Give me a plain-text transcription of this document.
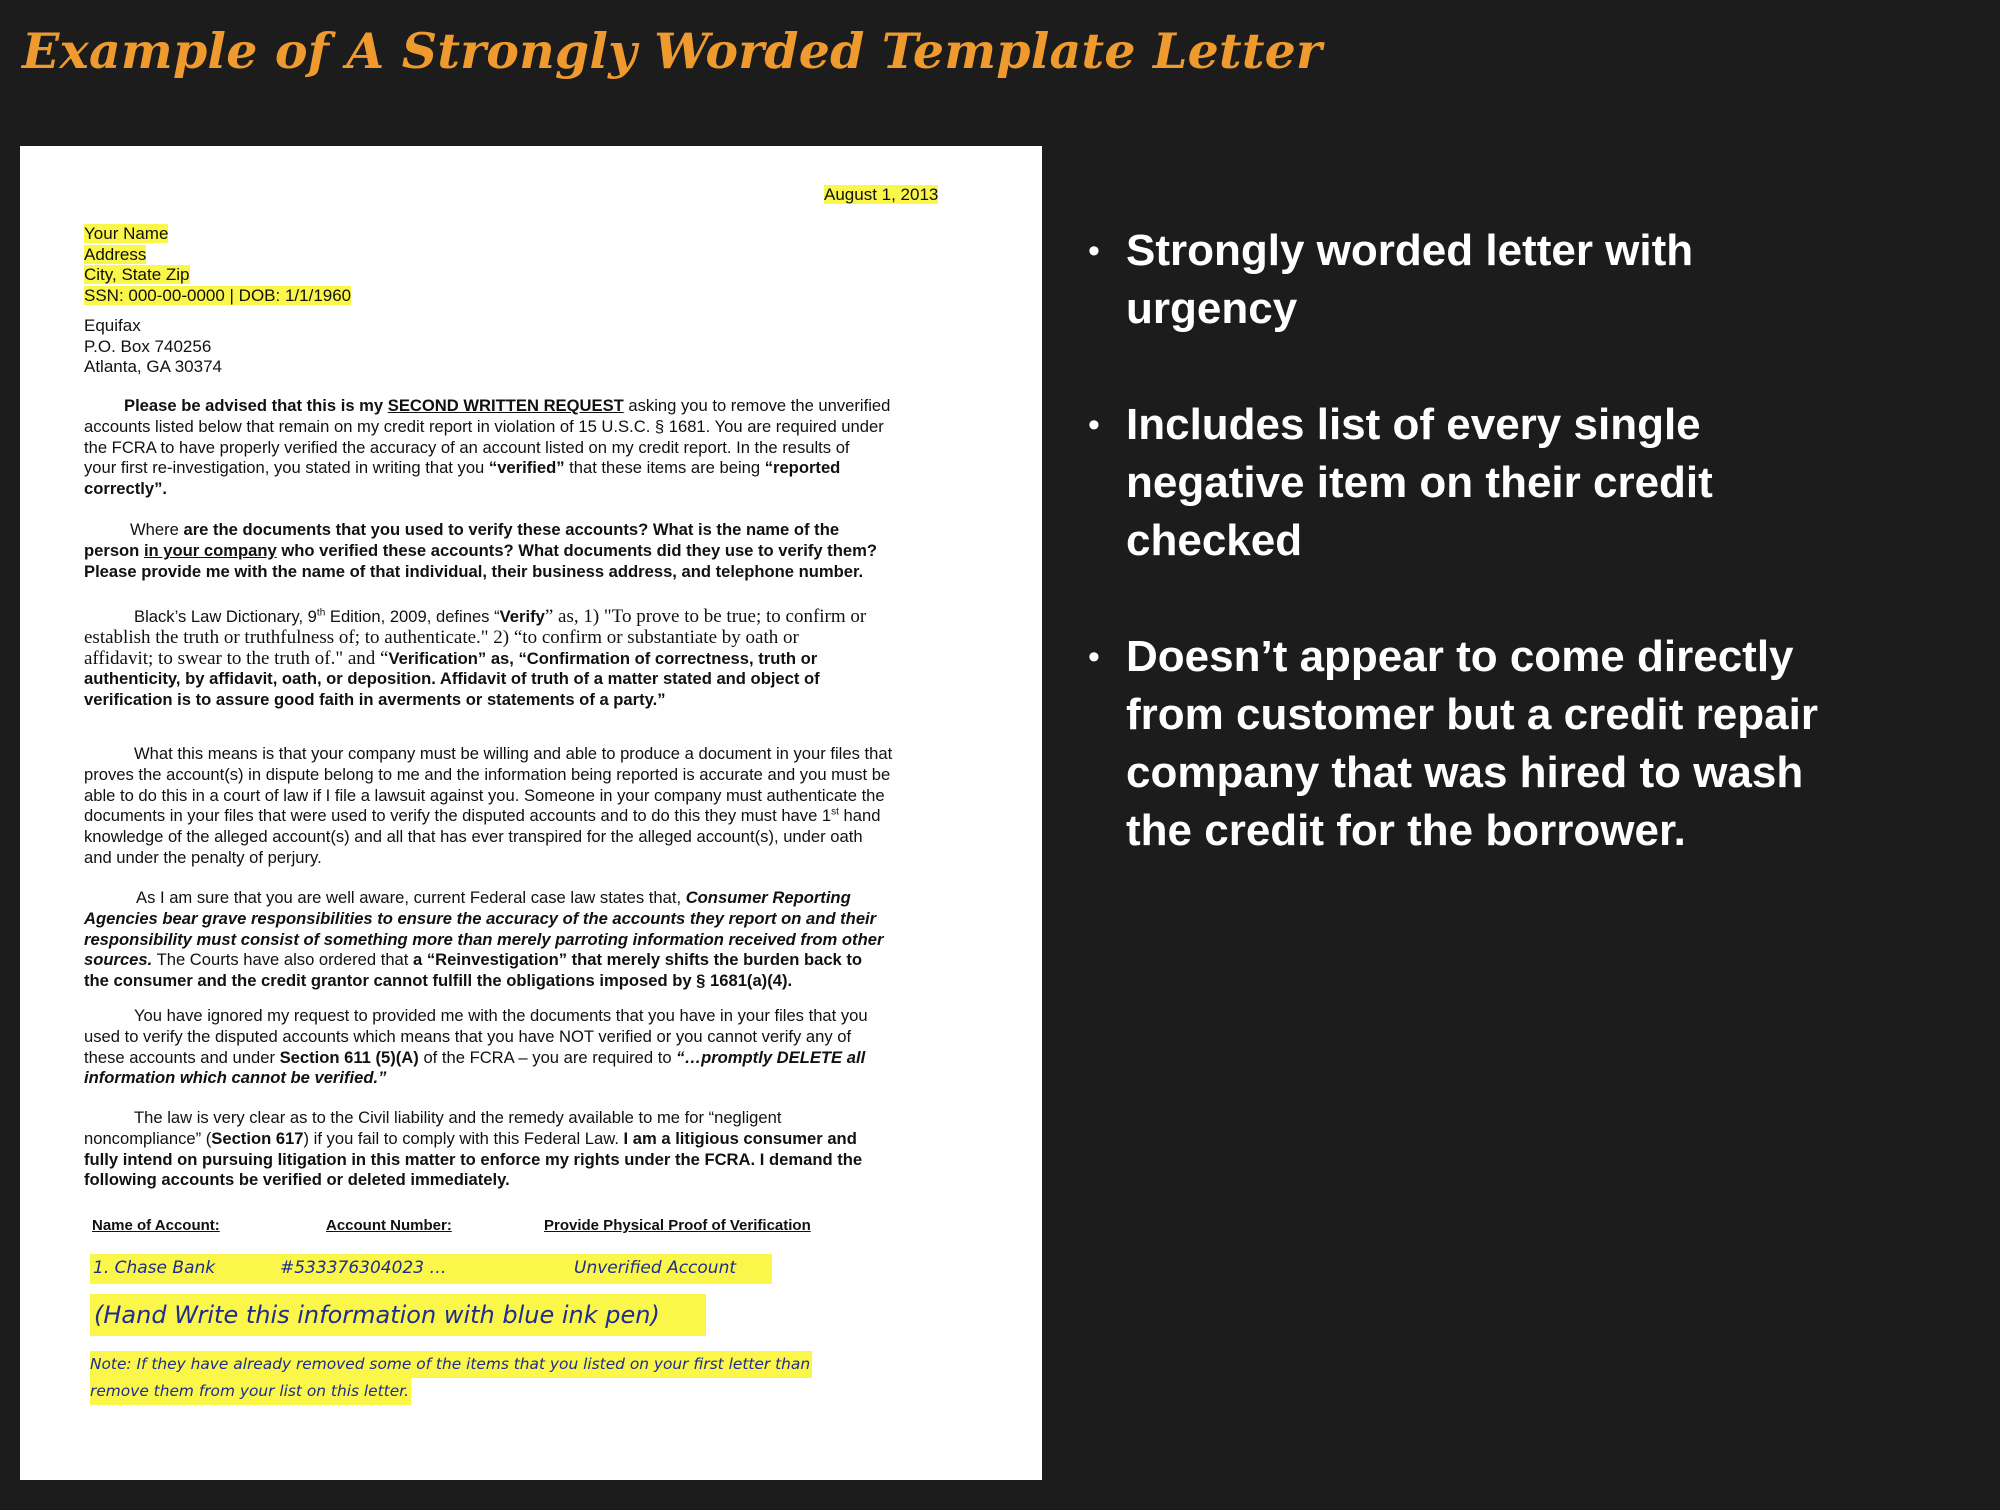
Example of A Strongly Worded Template Letter
August 1, 2013
Your Name
Address
City, State Zip
SSN: 000-00-0000 | DOB: 1/1/1960
Equifax
P.O. Box 740256
Atlanta, GA 30374
Please be advised that this is my SECOND WRITTEN REQUEST asking you to remove the unverified
accounts listed below that remain on my credit report in violation of 15 U.S.C. § 1681. You are required under
the FCRA to have properly verified the accuracy of an account listed on my credit report. In the results of
your first re-investigation, you stated in writing that you “verified” that these items are being “reported
correctly”.
Where are the documents that you used to verify these accounts? What is the name of the
person in your company who verified these accounts? What documents did they use to verify them?
Please provide me with the name of that individual, their business address, and telephone number.
Black’s Law Dictionary, 9th Edition, 2009, defines “Verify” as, 1) "To prove to be true; to confirm or
establish the truth or truthfulness of; to authenticate." 2) “to confirm or substantiate by oath or
affidavit; to swear to the truth of." and “Verification” as, “Confirmation of correctness, truth or
authenticity, by affidavit, oath, or deposition. Affidavit of truth of a matter stated and object of
verification is to assure good faith in averments or statements of a party.”
What this means is that your company must be willing and able to produce a document in your files that
proves the account(s) in dispute belong to me and the information being reported is accurate and you must be
able to do this in a court of law if I file a lawsuit against you. Someone in your company must authenticate the
documents in your files that were used to verify the disputed accounts and to do this they must have 1st hand
knowledge of the alleged account(s) and all that has ever transpired for the alleged account(s), under oath
and under the penalty of perjury.
As I am sure that you are well aware, current Federal case law states that, Consumer Reporting
Agencies bear grave responsibilities to ensure the accuracy of the accounts they report on and their
responsibility must consist of something more than merely parroting information received from other
sources. The Courts have also ordered that a “Reinvestigation” that merely shifts the burden back to
the consumer and the credit grantor cannot fulfill the obligations imposed by § 1681(a)(4).
You have ignored my request to provided me with the documents that you have in your files that you
used to verify the disputed accounts which means that you have NOT verified or you cannot verify any of
these accounts and under Section 611 (5)(A) of the FCRA – you are required to “…promptly DELETE all
information which cannot be verified.”
The law is very clear as to the Civil liability and the remedy available to me for “negligent
noncompliance” (Section 617) if you fail to comply with this Federal Law. I am a litigious consumer and
fully intend on pursuing litigation in this matter to enforce my rights under the FCRA. I demand the
following accounts be verified or deleted immediately.
Name of Account:	Account Number:	Provide Physical Proof of Verification
1. Chase Bank	#533376304023 …	Unverified Account
(Hand Write this information with blue ink pen)
Note: If they have already removed some of the items that you listed on your first letter than
remove them from your list on this letter.
• Strongly worded letter with
urgency
• Includes list of every single
negative item on their credit
checked
• Doesn’t appear to come directly
from customer but a credit repair
company that was hired to wash
the credit for the borrower.
